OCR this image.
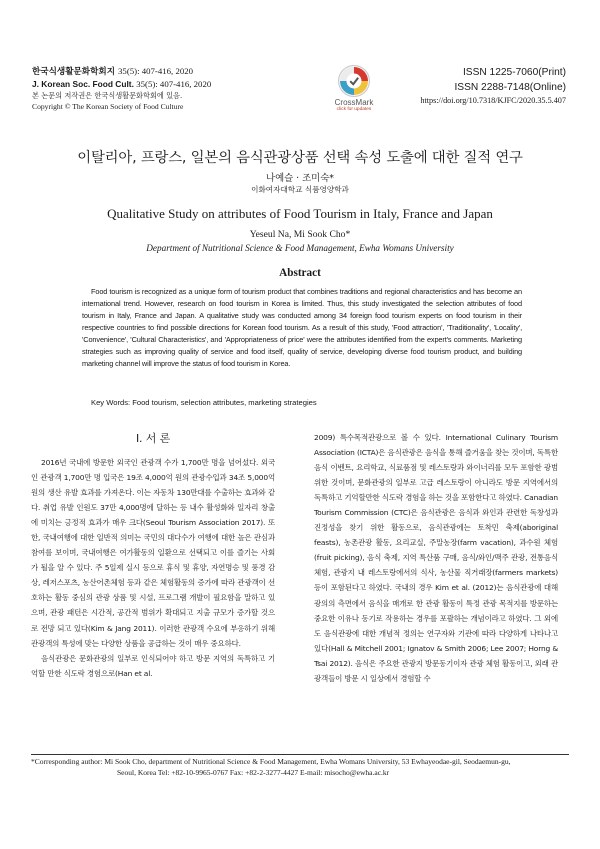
한국식생활문화학회지 35(5): 407-416, 2020
J. Korean Soc. Food Cult. 35(5): 407-416, 2020
본 논문의 저작권은 한국식생활문화학회에 있음.
Copyright © The Korean Society of Food Culture	CrossMark
click for updates
ISSN 1225-7060(Print)
ISSN 2288-7148(Online)
https://doi.org/10.7318/KJFC/2020.35.5.407
이탈리아, 프랑스, 일본의 음식관광상품 선택 속성 도출에 대한 질적 연구
나예슬 · 조미숙*
이화여자대학교 식품영양학과
Qualitative Study on attributes of Food Tourism in Italy, France and Japan
Yeseul Na, Mi Sook Cho*
Department of Nutritional Science & Food Management, Ewha Womans University
Abstract
Food tourism is recognized as a unique form of tourism product that combines traditions and regional characteristics and has become an international trend. However, research on food tourism in Korea is limited. Thus, this study investigated the selection attributes of food tourism in Italy, France and Japan. A qualitative study was conducted among 34 foreign food tourism experts on food tourism in their respective countries to find possible directions for Korean food tourism. As a result of this study, 'Food attraction', 'Traditionality', 'Locality', 'Convenience', 'Cultural Characteristics', and 'Appropriateness of price' were the attributes identified from the expert's comments. Marketing strategies such as improving quality of service and food itself, quality of service, developing diverse food tourism product, and building marketing channel will improve the status of food tourism in Korea.
Key Words: Food tourism, selection attributes, marketing strategies
Ⅰ. 서 론

2016년 국내에 방문한 외국인 관광객 수가 1,700만 명을 넘어섰다. 외국인 관광객 1,700만 명 입국은 19조 4,000억 원의 관광수입과 34조 5,000억 원의 생산 유발 효과를 가져온다. 이는 자동차 130만대를 수출하는 효과와 같다. 취업 유발 인원도 37만 4,000명에 달하는 등 내수 활성화와 일자리 창출에 미치는 긍정적 효과가 매우 크다(Seoul Tourism Association 2017). 또한, 국내여행에 대한 일반적 의미는 국민의 대다수가 여행에 대한 높은 관심과 참여를 보이며, 국내여행은 여가활동의 일환으로 선택되고 이를 즐기는 사회가 될을 알 수 있다. 주 5일제 실시 등으로 휴식 및 휴양, 자연명승 및 풍경 감상, 레저스포츠, 농산어촌체험 등과 같은 체험활동의 증가에 따라 관광객이 선호하는 활동 중심의 관광 상품 및 시설, 프로그램 개발이 필요함을 말하고 있으며, 관광 패턴은 시간적, 공간적 범위가 확대되고 지출 규모가 증가할 것으로 전망 되고 있다(Kim & Jang 2011). 이러한 관광객 수요에 부응하기 위해 관광객의 특성에 맞는 다양한 상품을 공급하는 것이 매우 중요하다.

음식관광은 문화관광의 일부로 인식되어야 하고 방문 지역의 독특하고 기억할 만한 식도락 경험으로(Han et al.

2009) 특수목적관광으로 볼 수 있다. International Culinary Tourism Association (ICTA)은 음식관광은 음식을 통해 즐거움을 찾는 것이며, 독특한 음식 이벤트, 요리학교, 식료품점 및 레스토랑과 와이너리를 모두 포함한 광범위한 것이며, 문화관광의 일부로 고급 레스토랑이 아니라도 방문 지역에서의 독특하고 기억할만한 식도락 경험을 하는 것을 포함한다고 하였다. Canadian Tourism Commission (CTC)은 음식관광은 음식과 와인과 관련한 독창성과 진정성을 찾기 위한 활동으로, 음식관광에는 토착민 축제(aboriginal feasts), 농촌관광 활동, 요리교실, 주말농장(farm vacation), 과수원 체험(fruit picking), 음식 축제, 지역 특산품 구매, 음식/와인/맥주 관광, 전통음식 체험, 관광지 내 레스토랑에서의 식사, 농산물 직거래장(farmers markets)등이 포함된다고 하였다. 국내의 경우 Kim et al. (2012)는 음식관광에 대해 광의의 측면에서 음식을 매개로 한 관광 활동이 특정 관광 목적지를 방문하는 중요한 이유나 동기로 작용하는 경우를 포괄하는 개념이라고 하였다. 그 외에도 음식관광에 대한 개념적 정의는 연구자와 기관에 따라 다양하게 나타나고 있다(Hall & Mitchell 2001; Ignatov & Smith 2006; Lee 2007; Horng & Tsai 2012). 음식은 주요한 관광지 방문동기이자 관광 체험 활동이고, 외래 관광객들이 방문 시 일상에서 경험할 수

*Corresponding author: Mi Sook Cho, department of Nutritional Science & Food Management, Ewha Womans University, 53 Ewhayeodae-gil, Seodaemun-gu,
Seoul, Korea Tel: +82-10-9965-0767 Fax: +82-2-3277-4427 E-mail: misocho@ewha.ac.kr
